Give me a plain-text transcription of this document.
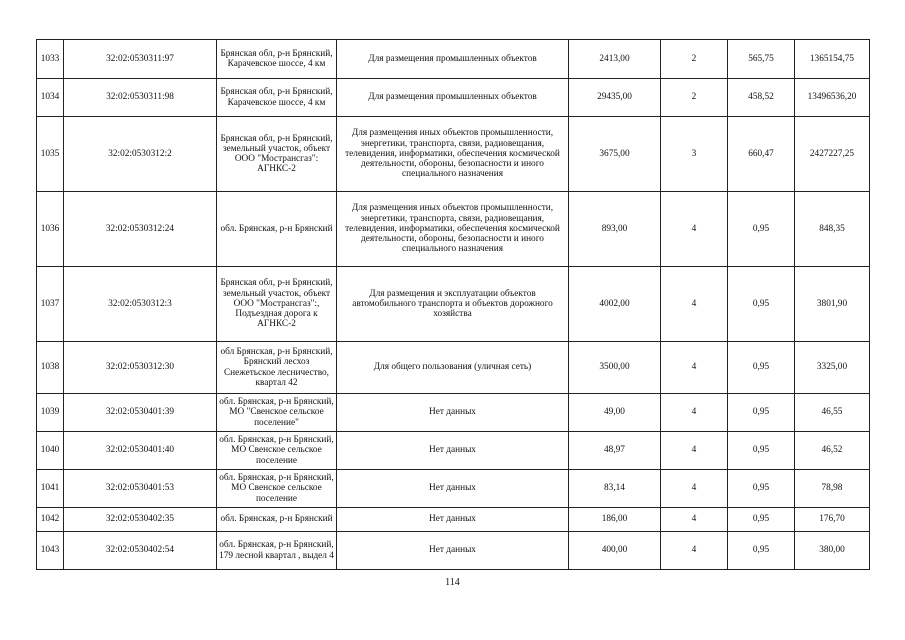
1033	32:02:0530311:97	Брянская обл, р-н Брянский, Карачевское шоссе, 4 км	Для размещения промышленных объектов	2413,00	2	565,75	1365154,75
1034	32:02:0530311:98	Брянская обл, р-н Брянский, Карачевское шоссе, 4 км	Для размещения промышленных объектов	29435,00	2	458,52	13496536,20
1035	32:02:0530312:2	Брянская обл, р-н Брянский, земельный участок, объект ООО "Мострансгаз": АГНКС-2	Для размещения иных объектов промышленности, энергетики, транспорта, связи, радиовещания, телевидения, информатики, обеспечения космической деятельности, обороны, безопасности и иного специального назначения	3675,00	3	660,47	2427227,25
1036	32:02:0530312:24	обл. Брянская, р-н Брянский	Для размещения иных объектов промышленности, энергетики, транспорта, связи, радиовещания, телевидения, информатики, обеспечения космической деятельности, обороны, безопасности и иного специального назначения	893,00	4	0,95	848,35
1037	32:02:0530312:3	Брянская обл, р-н Брянский, земельный участок, объект ООО "Мострансгаз":, Подъездная дорога к АГНКС-2	Для размещения и эксплуатации объектов автомобильного транспорта и объектов дорожного хозяйства	4002,00	4	0,95	3801,90
1038	32:02:0530312:30	обл Брянская, р-н Брянский, Брянский лесхоз Снежетьское лесничество, квартал 42	Для общего пользования (уличная сеть)	3500,00	4	0,95	3325,00
1039	32:02:0530401:39	обл. Брянская, р-н Брянский, МО "Свенское сельское поселение"	Нет данных	49,00	4	0,95	46,55
1040	32:02:0530401:40	обл. Брянская, р-н Брянский, МО Свенское сельское поселение	Нет данных	48,97	4	0,95	46,52
1041	32:02:0530401:53	обл. Брянская, р-н Брянский, МО Свенское сельское поселение	Нет данных	83,14	4	0,95	78,98
1042	32:02:0530402:35	обл. Брянская, р-н Брянский	Нет данных	186,00	4	0,95	176,70
1043	32:02:0530402:54	обл. Брянская, р-н Брянский, 179 лесной квартал , выдел 4	Нет данных	400,00	4	0,95	380,00
114
